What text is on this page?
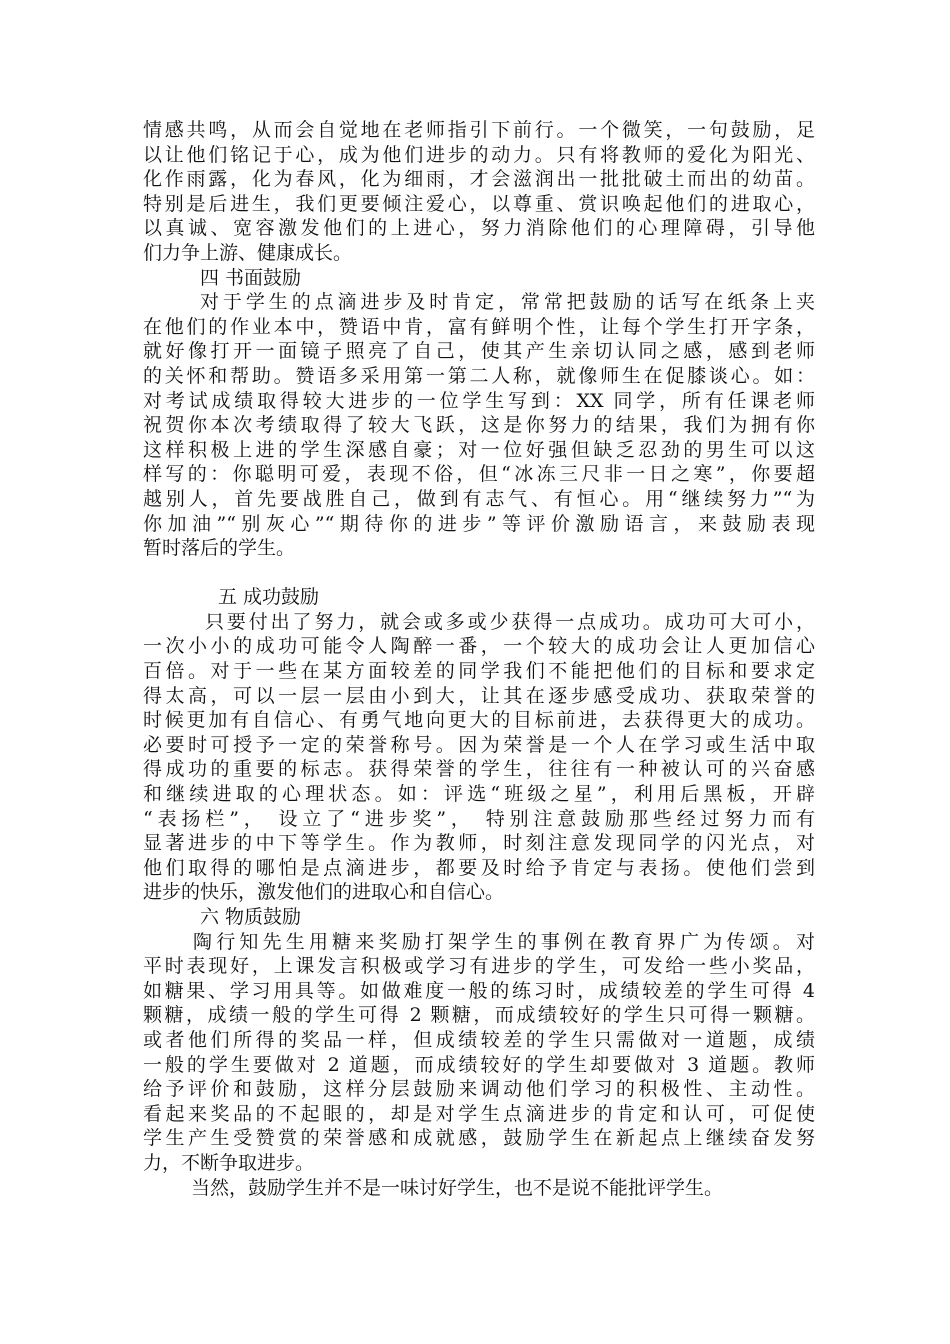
情感共鸣，从而会自觉地在老师指引下前行。一个微笑，一句鼓励，足
以让他们铭记于心，成为他们进步的动力。只有将教师的爱化为阳光、
化作雨露，化为春风，化为细雨，才会滋润出一批批破土而出的幼苗。
特别是后进生，我们更要倾注爱心，以尊重、赏识唤起他们的进取心，
以真诚、宽容激发他们的上进心，努力消除他们的心理障碍，引导他
们力争上游、健康成长。
四 书面鼓励
对于学生的点滴进步及时肯定，常常把鼓励的话写在纸条上夹
在他们的作业本中，赞语中肯，富有鲜明个性，让每个学生打开字条，
就好像打开一面镜子照亮了自己，使其产生亲切认同之感，感到老师
的关怀和帮助。赞语多采用第一第二人称，就像师生在促膝谈心。如：
对考试成绩取得较大进步的一位学生写到：XX 同学，所有任课老师
祝贺你本次考绩取得了较大飞跃，这是你努力的结果，我们为拥有你
这样积极上进的学生深感自豪；对一位好强但缺乏忍劲的男生可以这
样写的：你聪明可爱，表现不俗，但“冰冻三尺非一日之寒”，你要超
越别人，首先要战胜自己，做到有志气、有恒心。用“继续努力”“为
你加油”“别灰心”“期待你的进步”等评价激励语言，来鼓励表现
暂时落后的学生。
五 成功鼓励
只要付出了努力，就会或多或少获得一点成功。成功可大可小，
一次小小的成功可能令人陶醉一番，一个较大的成功会让人更加信心
百倍。对于一些在某方面较差的同学我们不能把他们的目标和要求定
得太高，可以一层一层由小到大，让其在逐步感受成功、获取荣誉的
时候更加有自信心、有勇气地向更大的目标前进，去获得更大的成功。
必要时可授予一定的荣誉称号。因为荣誉是一个人在学习或生活中取
得成功的重要的标志。获得荣誉的学生，往往有一种被认可的兴奋感
和继续进取的心理状态。如：评选“班级之星”，利用后黑板，开辟
“表扬栏”， 设立了“进步奖”， 特别注意鼓励那些经过努力而有
显著进步的中下等学生。作为教师，时刻注意发现同学的闪光点，对
他们取得的哪怕是点滴进步，都要及时给予肯定与表扬。使他们尝到
进步的快乐，激发他们的进取心和自信心。
六 物质鼓励
陶行知先生用糖来奖励打架学生的事例在教育界广为传颂。对
平时表现好，上课发言积极或学习有进步的学生，可发给一些小奖品，
如糖果、学习用具等。如做难度一般的练习时，成绩较差的学生可得 4
颗糖，成绩一般的学生可得 2 颗糖，而成绩较好的学生只可得一颗糖。
或者他们所得的奖品一样，但成绩较差的学生只需做对一道题，成绩
一般的学生要做对 2 道题，而成绩较好的学生却要做对 3 道题。教师
给予评价和鼓励，这样分层鼓励来调动他们学习的积极性、主动性。
看起来奖品的不起眼的，却是对学生点滴进步的肯定和认可，可促使
学生产生受赞赏的荣誉感和成就感，鼓励学生在新起点上继续奋发努
力，不断争取进步。
当然，鼓励学生并不是一味讨好学生，也不是说不能批评学生。
